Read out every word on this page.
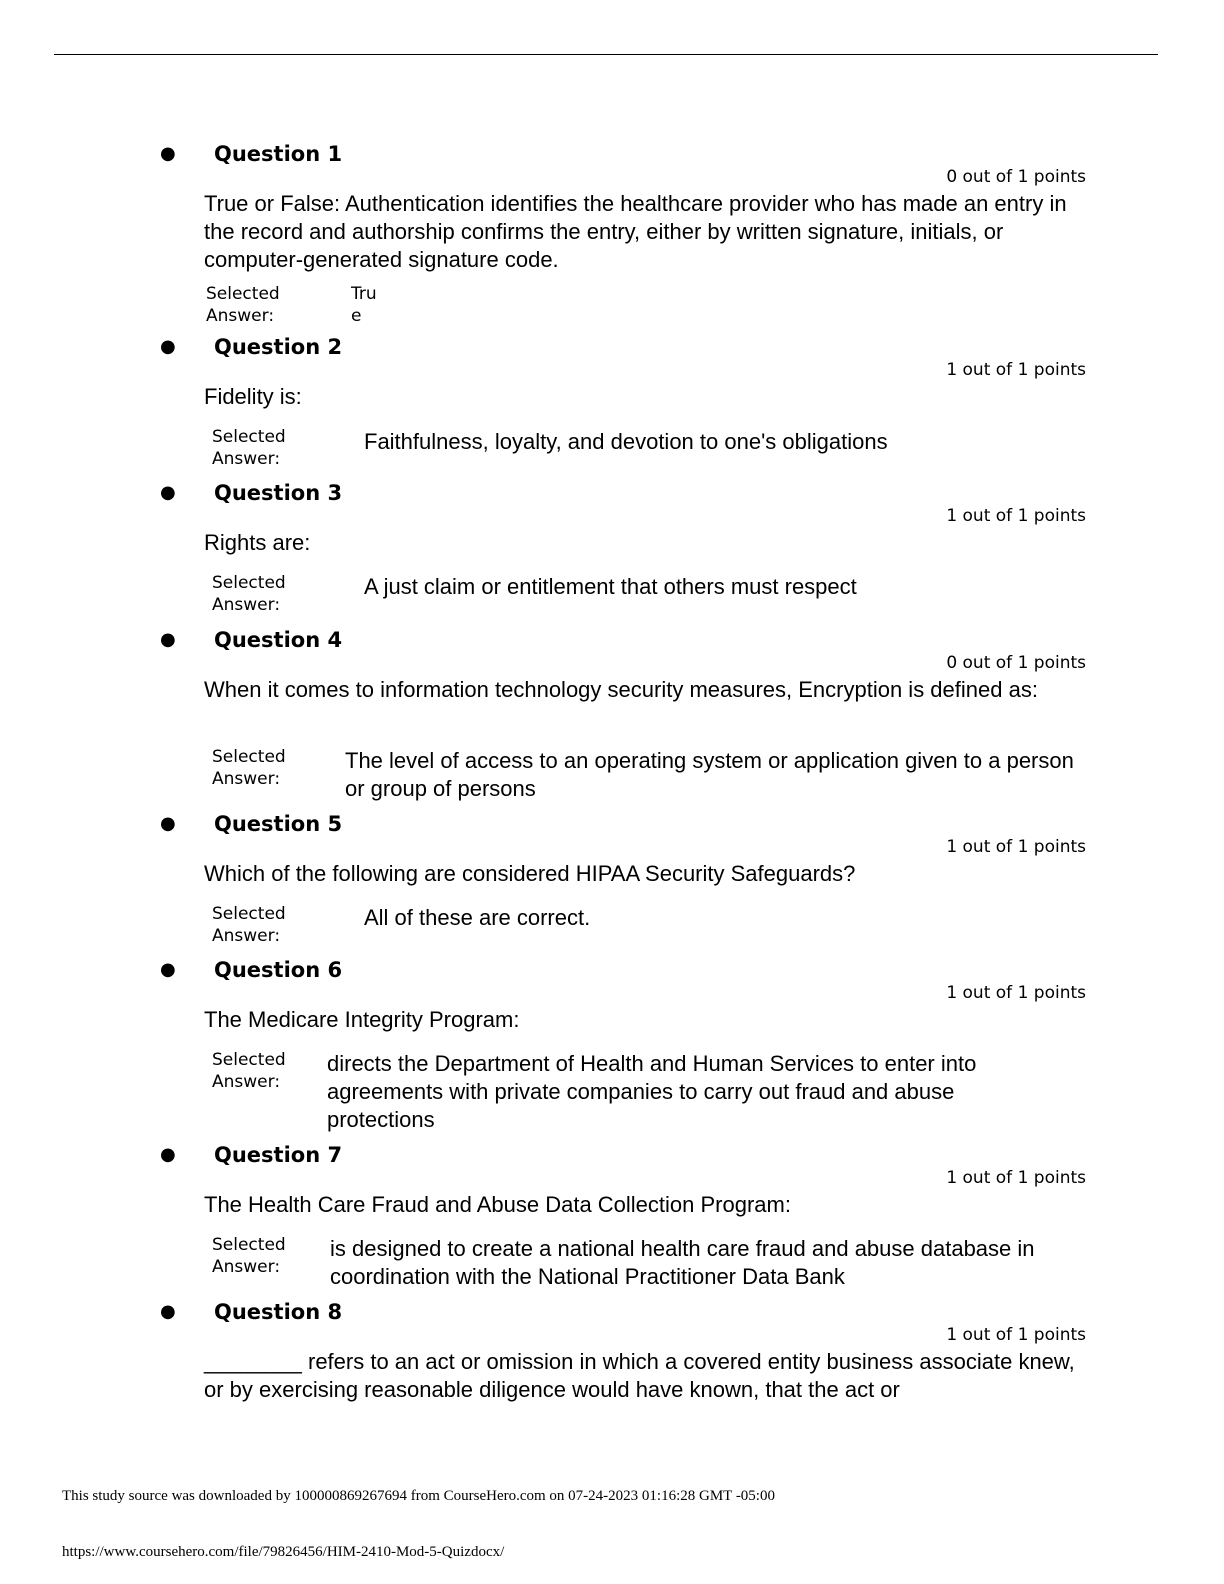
● Question 1
0 out of 1 points
True or False: Authentication identifies the healthcare provider who has made an entry in the record and authorship confirms the entry, either by written signature, initials, or computer-generated signature code.
Selected Answer:
True
● Question 2
1 out of 1 points
Fidelity is:
Selected Answer:
Faithfulness, loyalty, and devotion to one's obligations
● Question 3
1 out of 1 points
Rights are:
Selected Answer:
A just claim or entitlement that others must respect
● Question 4
0 out of 1 points
When it comes to information technology security measures, Encryption is defined as:
Selected Answer:
The level of access to an operating system or application given to a person or group of persons
● Question 5
1 out of 1 points
Which of the following are considered HIPAA Security Safeguards?
Selected Answer:
All of these are correct.
● Question 6
1 out of 1 points
The Medicare Integrity Program:
Selected Answer:
directs the Department of Health and Human Services to enter into agreements with private companies to carry out fraud and abuse protections
● Question 7
1 out of 1 points
The Health Care Fraud and Abuse Data Collection Program:
Selected Answer:
is designed to create a national health care fraud and abuse database in coordination with the National Practitioner Data Bank
● Question 8
1 out of 1 points
________ refers to an act or omission in which a covered entity business associate knew, or by exercising reasonable diligence would have known, that the act or
This study source was downloaded by 100000869267694 from CourseHero.com on 07-24-2023 01:16:28 GMT -05:00
https://www.coursehero.com/file/79826456/HIM-2410-Mod-5-Quizdocx/
